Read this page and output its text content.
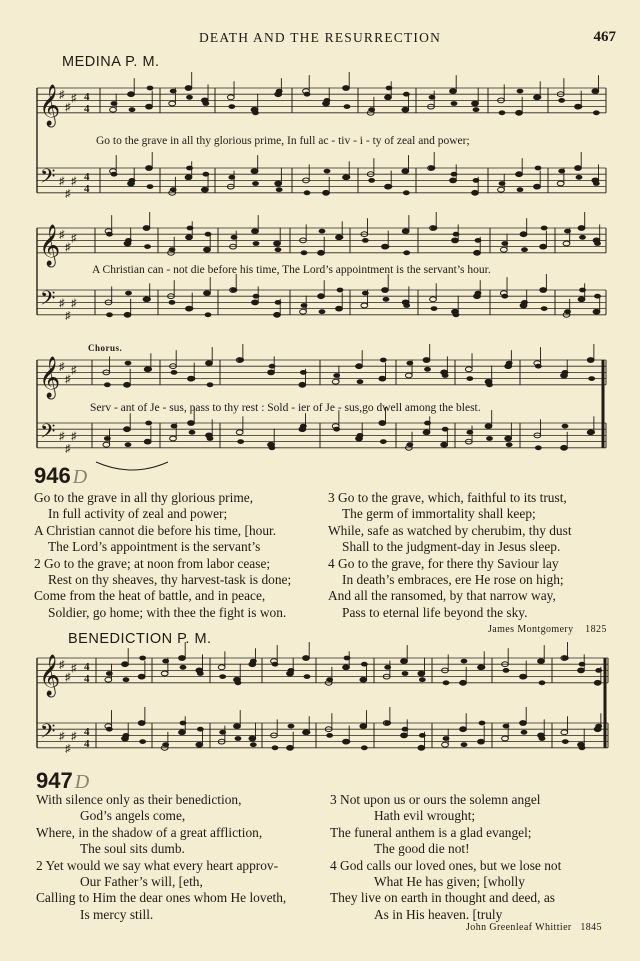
DEATH AND THE RESURRECTION	467
MEDINA P. M.
𝄞
𝄢
♯
♯
♯
♯
♯
♯
𝄞
𝄢
♯
♯
♯
♯
♯
♯
𝄞
𝄢
♯
♯
♯
♯
♯
♯
𝄞
𝄢
♯
♯
♯
♯
♯
♯
4
4
4
4
4
4
4
4
Go to the grave in all thy glorious prime, In full ac - tiv - i - ty of zeal and power;
A Christian can - not die before his time, The Lord’s appointment is the servant’s hour.
Chorus.
Serv - ant of Je - sus, pass to thy rest : Sold - ier of Je - sus,go dwell among the blest.
946 D
Go to the grave in all thy glorious prime,
In full activity of zeal and power;
A Christian cannot die before his time, [hour.
The Lord’s appointment is the servant’s
2 Go to the grave; at noon from labor cease;
Rest on thy sheaves, thy harvest-task is done;
Come from the heat of battle, and in peace,
Soldier, go home; with thee the fight is won.
3 Go to the grave, which, faithful to its trust,
The germ of immortality shall keep;
While, safe as watched by cherubim, thy dust
Shall to the judgment-day in Jesus sleep.
4 Go to the grave, for there thy Saviour lay
In death’s embraces, ere He rose on high;
And all the ransomed, by that narrow way,
Pass to eternal life beyond the sky.
James Montgomery 1825
BENEDICTION P. M.
947 D
With silence only as their benediction,
God’s angels come,
Where, in the shadow of a great affliction,
The soul sits dumb.
2 Yet would we say what every heart approv-
Our Father’s will, [eth,
Calling to Him the dear ones whom He loveth,
Is mercy still.
3 Not upon us or ours the solemn angel
Hath evil wrought;
The funeral anthem is a glad evangel;
The good die not!
4 God calls our loved ones, but we lose not
What He has given; [wholly
They live on earth in thought and deed, as
As in His heaven. [truly
John Greenleaf Whittier 1845
